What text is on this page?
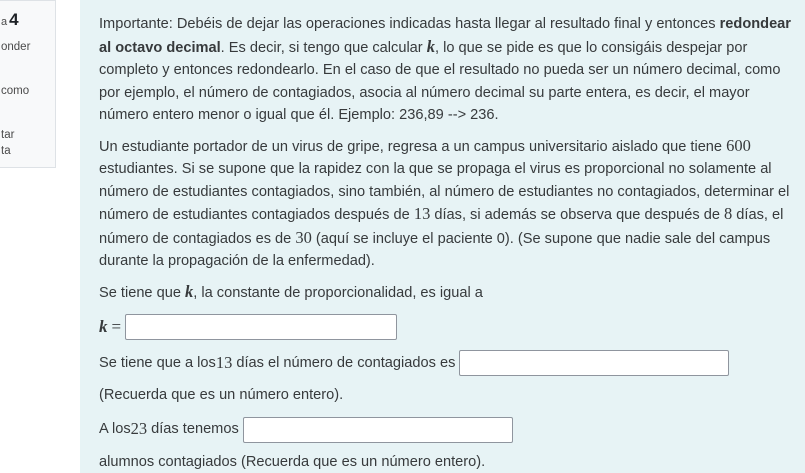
a 4
onder
como
tar
ta

Importante: Debéis de dejar las operaciones indicadas hasta llegar al resultado final y entonces redondear al octavo decimal. Es decir, si tengo que calcular k, lo que se pide es que lo consigáis despejar por completo y entonces redondearlo. En el caso de que el resultado no pueda ser un número decimal, como por ejemplo, el número de contagiados, asocia al número decimal su parte entera, es decir, el mayor número entero menor o igual que él. Ejemplo: 236,89 --> 236.

Un estudiante portador de un virus de gripe, regresa a un campus universitario aislado que tiene 600 estudiantes. Si se supone que la rapidez con la que se propaga el virus es proporcional no solamente al número de estudiantes contagiados, sino también, al número de estudiantes no contagiados, determinar el número de estudiantes contagiados después de 13 días, si además se observa que después de 8 días, el número de contagiados es de 30 (aquí se incluye el paciente 0). (Se supone que nadie sale del campus durante la propagación de la enfermedad).

Se tiene que k, la constante de proporcionalidad, es igual a

k =
Se tiene que a los 13 días el número de contagiados es

(Recuerda que es un número entero).

A los 23 días tenemos

alumnos contagiados (Recuerda que es un número entero).
